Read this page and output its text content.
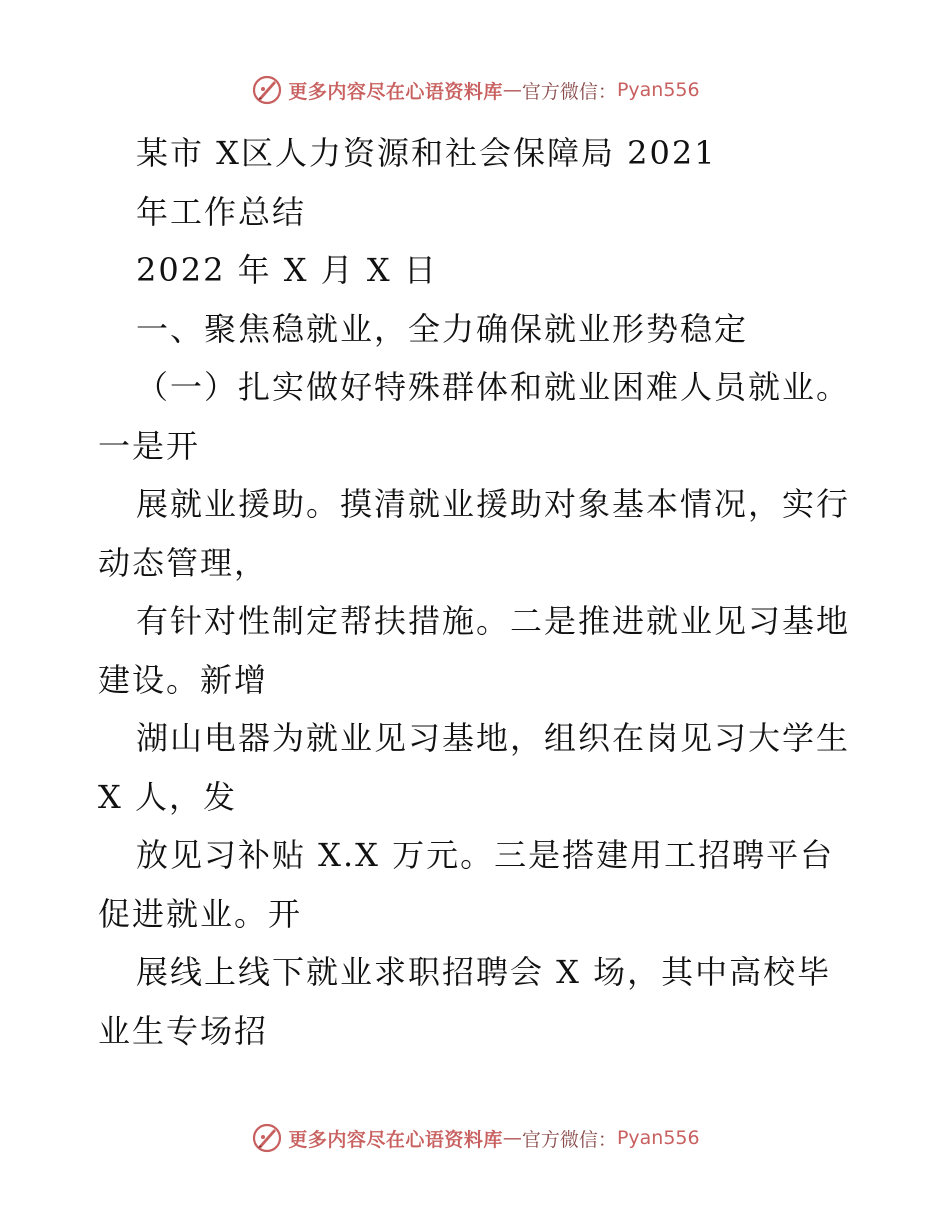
更多内容尽在心语资料库 — 官方微信： Pyan556
某市 X区人力资源和社会保障局 2021
年工作总结
2022 年 X 月 X 日
一、聚焦稳就业，全力确保就业形势稳定
（一）扎实做好特殊群体和就业困难人员就业。
一是开
展就业援助。摸清就业援助对象基本情况，实行
动态管理，
有针对性制定帮扶措施。二是推进就业见习基地
建设。新增
湖山电器为就业见习基地，组织在岗见习大学生
X 人，发
放见习补贴 X.X 万元。三是搭建用工招聘平台
促进就业。开
展线上线下就业求职招聘会 X 场，其中高校毕
业生专场招
更多内容尽在心语资料库 — 官方微信： Pyan556
